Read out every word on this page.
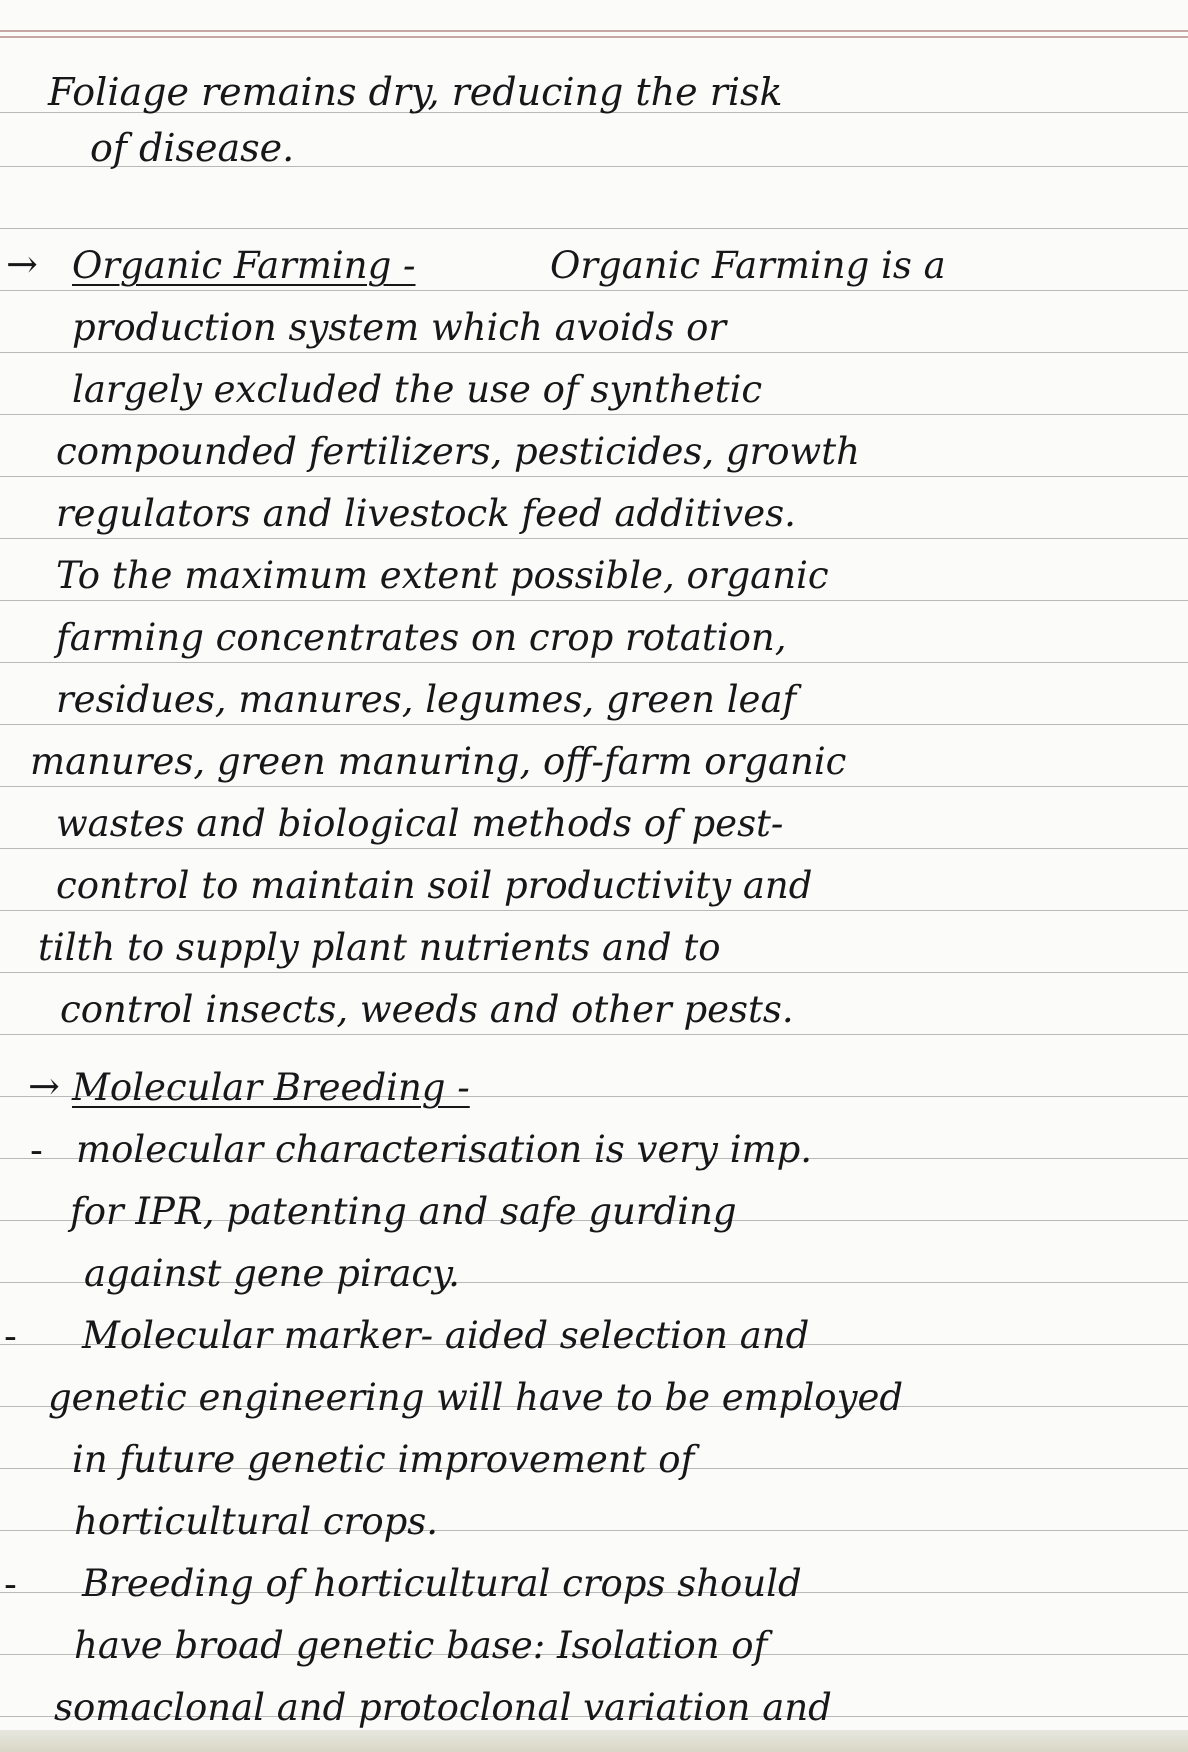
Foliage remains dry, reducing the risk
of disease.
→ Organic Farming -	Organic Farming is a
production system which avoids or
largely excluded the use of synthetic
compounded fertilizers, pesticides, growth
regulators and livestock feed additives.
To the maximum extent possible, organic
farming concentrates on crop rotation,
residues, manures, legumes, green leaf
manures, green manuring, off-farm organic
wastes and biological methods of pest-
control to maintain soil productivity and
tilth to supply plant nutrients and to
control insects, weeds and other pests.
→ Molecular Breeding -
- molecular characterisation is very imp.
for IPR, patenting and safe gurding
against gene piracy.
- Molecular marker- aided selection and
genetic engineering will have to be employed
in future genetic improvement of
horticultural crops.
- Breeding of horticultural crops should
have broad genetic base: Isolation of
somaclonal and protoclonal variation and
